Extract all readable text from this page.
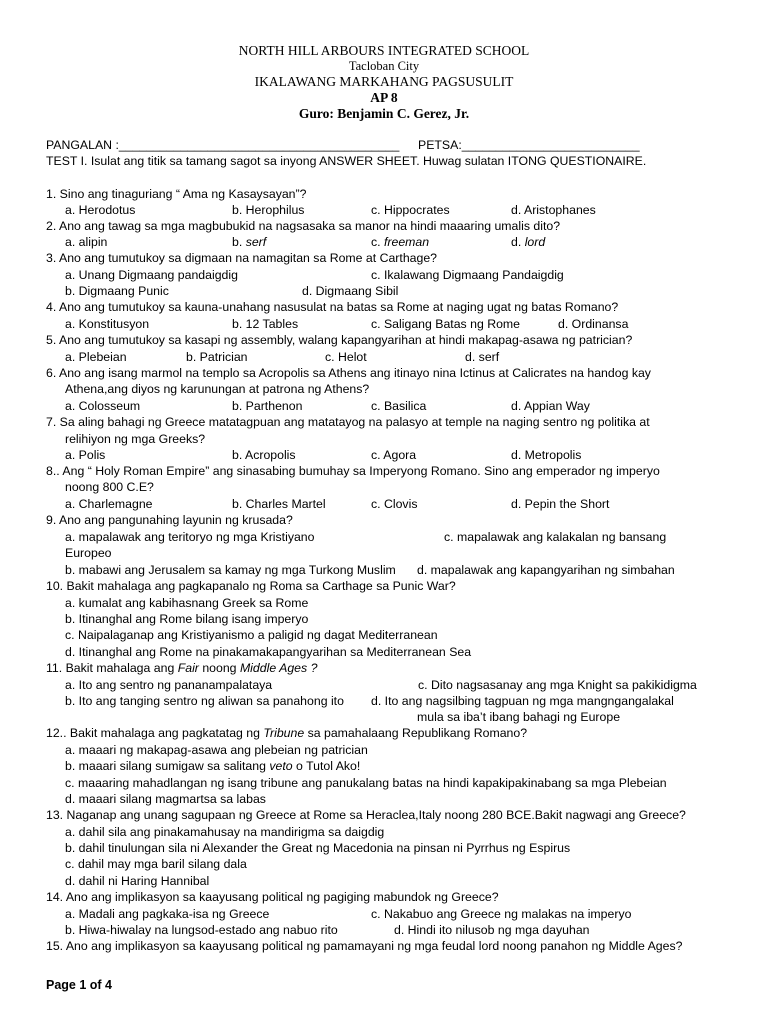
NORTH HILL ARBOURS INTEGRATED SCHOOL
Tacloban City
IKALAWANG MARKAHANG PAGSUSULIT
AP 8
Guro: Benjamin C. Gerez, Jr.
PANGALAN :_________________________________________ PETSA:__________________________
TEST I. Isulat ang titik sa tamang sagot sa inyong ANSWER SHEET. Huwag sulatan ITONG QUESTIONAIRE.
1. Sino ang tinaguriang “ Ama ng Kasaysayan”?
a. Herodotus	b. Herophilus	c. Hippocrates	d. Aristophanes
2. Ano ang tawag sa mga magbubukid na nagsasaka sa manor na hindi maaaring umalis dito?
a. alipin	b. serf	c. freeman	d. lord
3. Ano ang tumutukoy sa digmaan na namagitan sa Rome at Carthage?
a. Unang Digmaang pandaigdig	c. Ikalawang Digmaang Pandaigdig
b. Digmaang Punic	d. Digmaang Sibil
4. Ano ang tumutukoy sa kauna-unahang nasusulat na batas sa Rome at naging ugat ng batas Romano?
a. Konstitusyon	b. 12 Tables	c. Saligang Batas ng Rome	d. Ordinansa
5. Ano ang tumutukoy sa kasapi ng assembly, walang kapangyarihan at hindi makapag-asawa ng patrician?
a. Plebeian	b. Patrician	c. Helot	d. serf
6. Ano ang isang marmol na templo sa Acropolis sa Athens ang itinayo nina Ictinus at Calicrates na handog kay
Athena,ang diyos ng karunungan at patrona ng Athens?
a. Colosseum	b. Parthenon	c. Basilica	d. Appian Way
7. Sa aling bahagi ng Greece matatagpuan ang matatayog na palasyo at temple na naging sentro ng politika at
relihiyon ng mga Greeks?
a. Polis	b. Acropolis	c. Agora	d. Metropolis
8.. Ang “ Holy Roman Empire” ang sinasabing bumuhay sa Imperyong Romano. Sino ang emperador ng imperyo
noong 800 C.E?
a. Charlemagne	b. Charles Martel	c. Clovis	d. Pepin the Short
9. Ano ang pangunahing layunin ng krusada?
a. mapalawak ang teritoryo ng mga Kristiyano	c. mapalawak ang kalakalan ng bansang
Europeo
b. mabawi ang Jerusalem sa kamay ng mga Turkong Muslim d. mapalawak ang kapangyarihan ng simbahan
10. Bakit mahalaga ang pagkapanalo ng Roma sa Carthage sa Punic War?
a. kumalat ang kabihasnang Greek sa Rome
b. Itinanghal ang Rome bilang isang imperyo
c. Naipalaganap ang Kristiyanismo a paligid ng dagat Mediterranean
d. Itinanghal ang Rome na pinakamakapangyarihan sa Mediterranean Sea
11. Bakit mahalaga ang Fair noong Middle Ages ?
a. Ito ang sentro ng pananampalataya	c. Dito nagsasanay ang mga Knight sa pakikidigma
b. Ito ang tanging sentro ng aliwan sa panahong ito d. Ito ang nagsilbing tagpuan ng mga mangngangalakal
mula sa iba’t ibang bahagi ng Europe
12.. Bakit mahalaga ang pagkatatag ng Tribune sa pamahalaang Republikang Romano?
a. maaari ng makapag-asawa ang plebeian ng patrician
b. maaari silang sumigaw sa salitang veto o Tutol Ako!
c. maaaring mahadlangan ng isang tribune ang panukalang batas na hindi kapakipakinabang sa mga Plebeian
d. maaari silang magmartsa sa labas
13. Naganap ang unang sagupaan ng Greece at Rome sa Heraclea,Italy noong 280 BCE.Bakit nagwagi ang Greece?
a. dahil sila ang pinakamahusay na mandirigma sa daigdig
b. dahil tinulungan sila ni Alexander the Great ng Macedonia na pinsan ni Pyrrhus ng Espirus
c. dahil may mga baril silang dala
d. dahil ni Haring Hannibal
14. Ano ang implikasyon sa kaayusang political ng pagiging mabundok ng Greece?
a. Madali ang pagkaka-isa ng Greece	c. Nakabuo ang Greece ng malakas na imperyo
b. Hiwa-hiwalay na lungsod-estado ang nabuo rito	d. Hindi ito nilusob ng mga dayuhan
15. Ano ang implikasyon sa kaayusang political ng pamamayani ng mga feudal lord noong panahon ng Middle Ages?
Page 1 of 4
